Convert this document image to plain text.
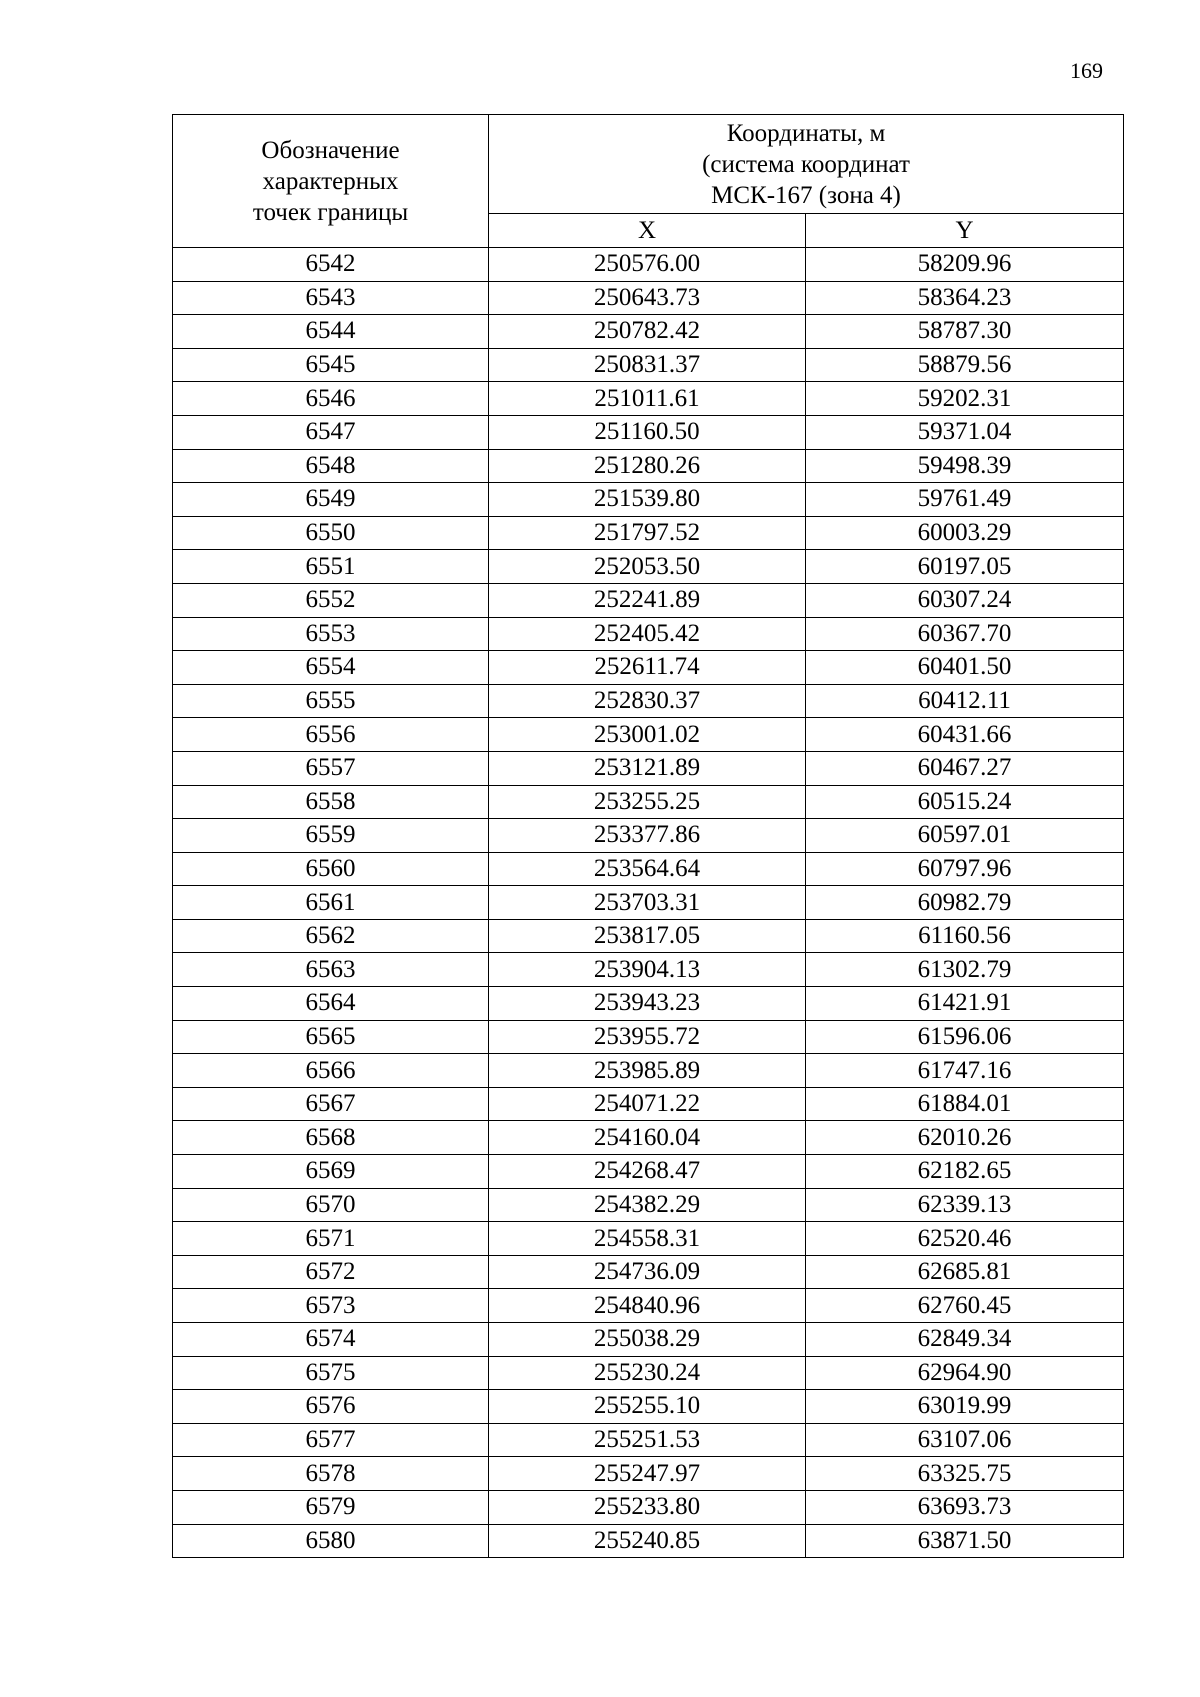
169
Обозначение
характерных
точек границы	Координаты, м
(система координат
МСК-167 (зона 4)	

	X	Y
6542	250576.00	58209.96
6543	250643.73	58364.23
6544	250782.42	58787.30
6545	250831.37	58879.56
6546	251011.61	59202.31
6547	251160.50	59371.04
6548	251280.26	59498.39
6549	251539.80	59761.49
6550	251797.52	60003.29
6551	252053.50	60197.05
6552	252241.89	60307.24
6553	252405.42	60367.70
6554	252611.74	60401.50
6555	252830.37	60412.11
6556	253001.02	60431.66
6557	253121.89	60467.27
6558	253255.25	60515.24
6559	253377.86	60597.01
6560	253564.64	60797.96
6561	253703.31	60982.79
6562	253817.05	61160.56
6563	253904.13	61302.79
6564	253943.23	61421.91
6565	253955.72	61596.06
6566	253985.89	61747.16
6567	254071.22	61884.01
6568	254160.04	62010.26
6569	254268.47	62182.65
6570	254382.29	62339.13
6571	254558.31	62520.46
6572	254736.09	62685.81
6573	254840.96	62760.45
6574	255038.29	62849.34
6575	255230.24	62964.90
6576	255255.10	63019.99
6577	255251.53	63107.06
6578	255247.97	63325.75
6579	255233.80	63693.73
6580	255240.85	63871.50
